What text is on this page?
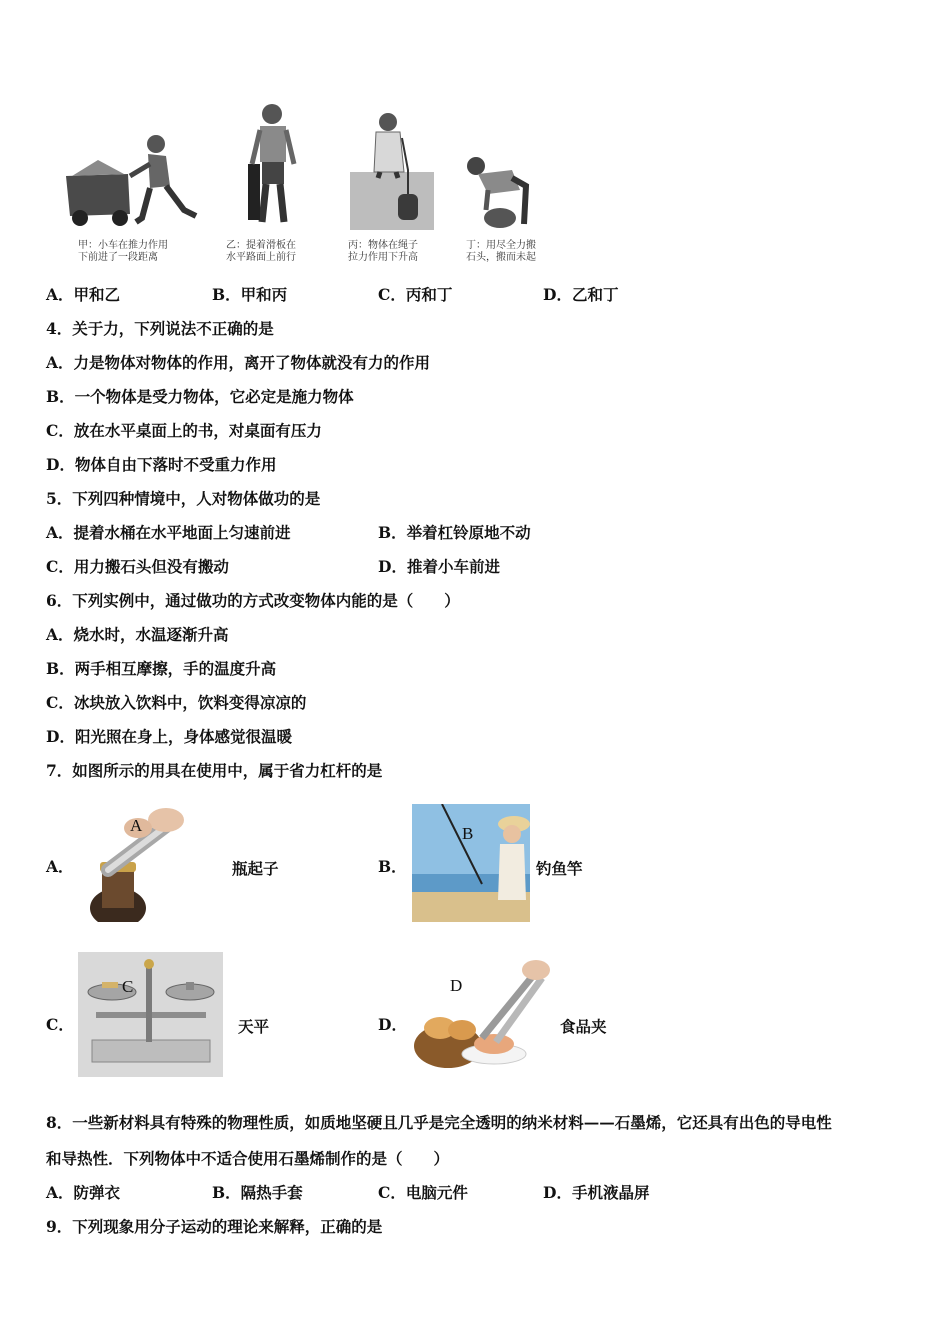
甲：小车在推力作用
下前进了一段距离
乙：提着滑板在
水平路面上前行
丙：物体在绳子
拉力作用下升高
丁：用尽全力搬
石头，搬而未起
A．甲和乙	B．甲和丙	C．丙和丁	D．乙和丁
4．关于力，下列说法不正确的是
A．力是物体对物体的作用，离开了物体就没有力的作用
B．一个物体是受力物体，它必定是施力物体
C．放在水平桌面上的书，对桌面有压力
D．物体自由下落时不受重力作用
5．下列四种情境中，人对物体做功的是
A．提着水桶在水平地面上匀速前进	B．举着杠铃原地不动
C．用力搬石头但没有搬动	D．推着小车前进
6．下列实例中，通过做功的方式改变物体内能的是（　　）
A．烧水时，水温逐渐升高
B．两手相互摩擦，手的温度升高
C．冰块放入饮料中，饮料变得凉凉的
D．阳光照在身上，身体感觉很温暖
7．如图所示的用具在使用中，属于省力杠杆的是
A．
A
瓶起子	B．
B
钓鱼竿
C．
C
天平	D．
D
食品夹
8．一些新材料具有特殊的物理性质，如质地坚硬且几乎是完全透明的纳米材料——石墨烯，它还具有出色的导电性
和导热性．下列物体中不适合使用石墨烯制作的是（　　）
A．防弹衣	B．隔热手套	C．电脑元件	D．手机液晶屏
9．下列现象用分子运动的理论来解释，正确的是
